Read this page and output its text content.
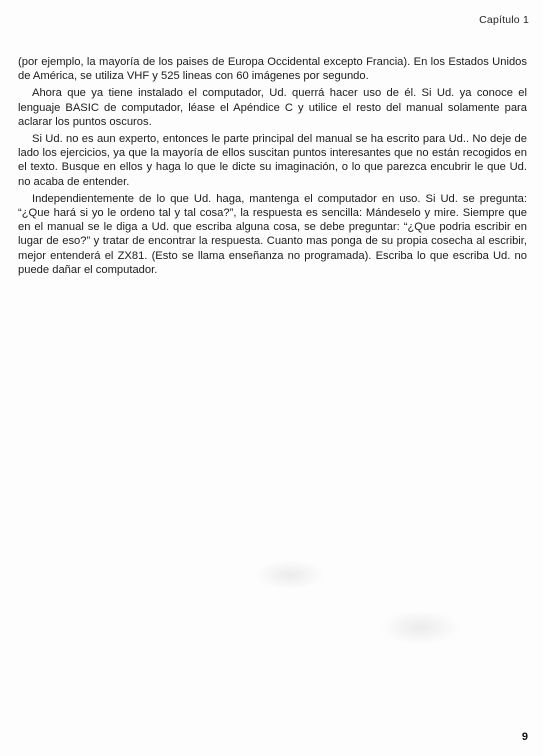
Capítulo 1

(por ejemplo, la mayoría de los paises de Europa Occidental excepto Francia). En los Estados Unidos de América, se utiliza VHF y 525 lineas con 60 imágenes por segundo.

Ahora que ya tiene instalado el computador, Ud. querrá hacer uso de él. Si Ud. ya conoce el lenguaje BASIC de computador, léase el Apéndice C y utilice el resto del manual solamente para aclarar los puntos oscuros.

Si Ud. no es aun experto, entonces le parte principal del manual se ha escrito para Ud.. No deje de lado los ejercicios, ya que la mayoría de ellos suscitan puntos interesantes que no están recogidos en el texto. Busque en ellos y haga lo que le dicte su imaginación, o lo que parezca encubrir le que Ud. no acaba de entender.

Independientemente de lo que Ud. haga, mantenga el computador en uso. Si Ud. se pregunta: “¿Que hará si yo le ordeno tal y tal cosa?”, la respuesta es sencilla: Mándeselo y mire. Siempre que en el manual se le diga a Ud. que escriba alguna cosa, se debe preguntar: “¿Que podria escribir en lugar de eso?” y tratar de encontrar la respuesta. Cuanto mas ponga de su propia cosecha al escribir, mejor entenderá el ZX81. (Esto se llama enseñanza no programada). Escriba lo que escriba Ud. no puede dañar el computador.

9
